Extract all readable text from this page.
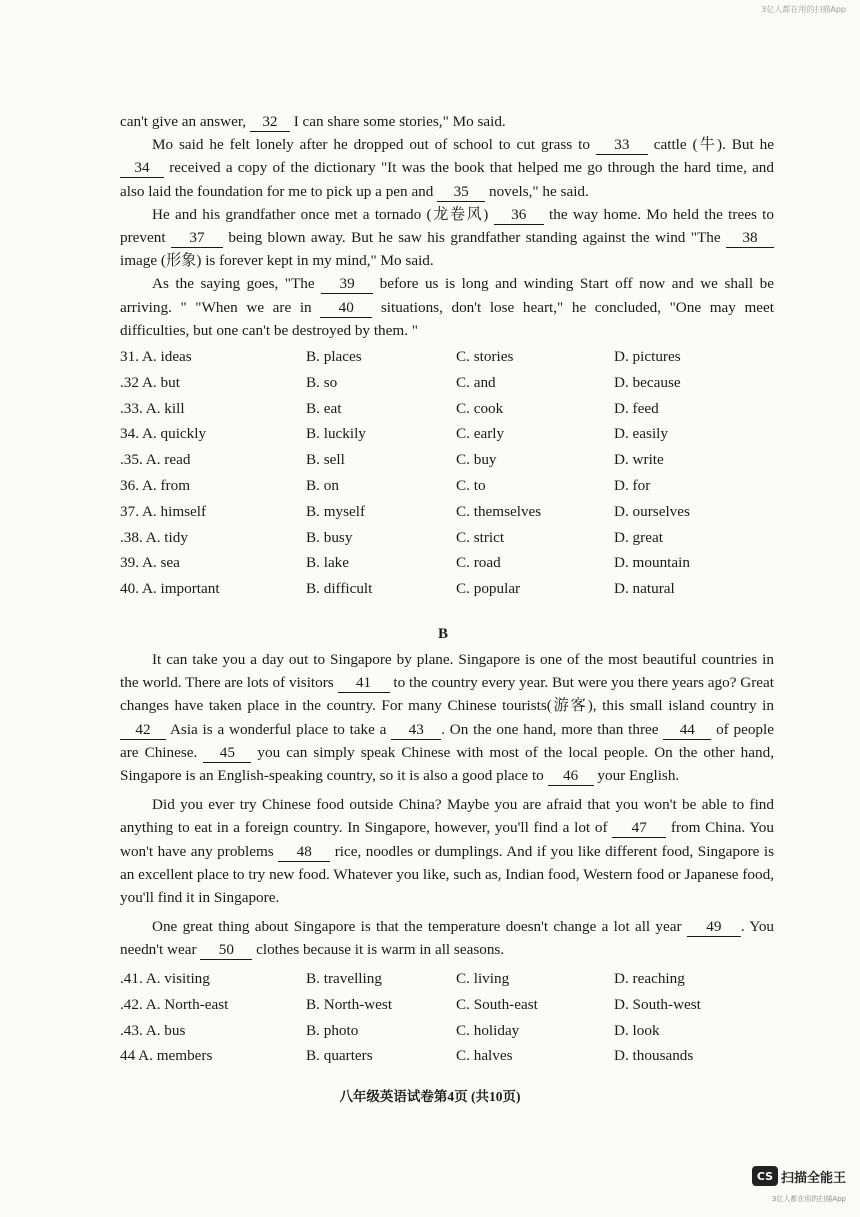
3亿人都在用的扫描App

can't give an answer, 32 I can share some stories," Mo said.

Mo said he felt lonely after he dropped out of school to cut grass to 33 cattle (牛). But he 34 received a copy of the dictionary "It was the book that helped me go through the hard time, and also laid the foundation for me to pick up a pen and 35 novels," he said.

He and his grandfather once met a tornado (龙卷风) 36 the way home. Mo held the trees to prevent 37 being blown away. But he saw his grandfather standing against the wind "The 38 image (形象) is forever kept in my mind," Mo said.

As the saying goes, "The 39 before us is long and winding Start off now and we shall be arriving. " "When we are in 40 situations, don't lose heart," he concluded, "One may meet difficulties, but one can't be destroyed by them. "

31. A. ideas	B. places	C. stories	D. pictures
.32 A. but	B. so	C. and	D. because
.33. A. kill	B. eat	C. cook	D. feed
34. A. quickly	B. luckily	C. early	D. easily
.35. A. read	B. sell	C. buy	D. write
36. A. from	B. on	C. to	D. for
37. A. himself	B. myself	C. themselves	D. ourselves
.38. A. tidy	B. busy	C. strict	D. great
39. A. sea	B. lake	C. road	D. mountain
40. A. important	B. difficult	C. popular	D. natural
B

It can take you a day out to Singapore by plane. Singapore is one of the most beautiful countries in the world. There are lots of visitors 41 to the country every year. But were you there years ago? Great changes have taken place in the country. For many Chinese tourists(游客), this small island country in 42 Asia is a wonderful place to take a 43 . On the one hand, more than three 44 of people are Chinese. 45 you can simply speak Chinese with most of the local people. On the other hand, Singapore is an English-speaking country, so it is also a good place to 46 your English.

Did you ever try Chinese food outside China? Maybe you are afraid that you won't be able to find anything to eat in a foreign country. In Singapore, however, you'll find a lot of 47 from China. You won't have any problems 48 rice, noodles or dumplings. And if you like different food, Singapore is an excellent place to try new food. Whatever you like, such as, Indian food, Western food or Japanese food, you'll find it in Singapore.

One great thing about Singapore is that the temperature doesn't change a lot all year 49 . You needn't wear 50 clothes because it is warm in all seasons.

.41. A. visiting	B. travelling	C. living	D. reaching
.42. A. North-east	B. North-west	C. South-east	D. South-west
.43. A. bus	B. photo	C. holiday	D. look
44 A. members	B. quarters	C. halves	D. thousands
八年级英语试卷第4页 (共10页)
CS 扫描全能王
3亿人都在用的扫描App
